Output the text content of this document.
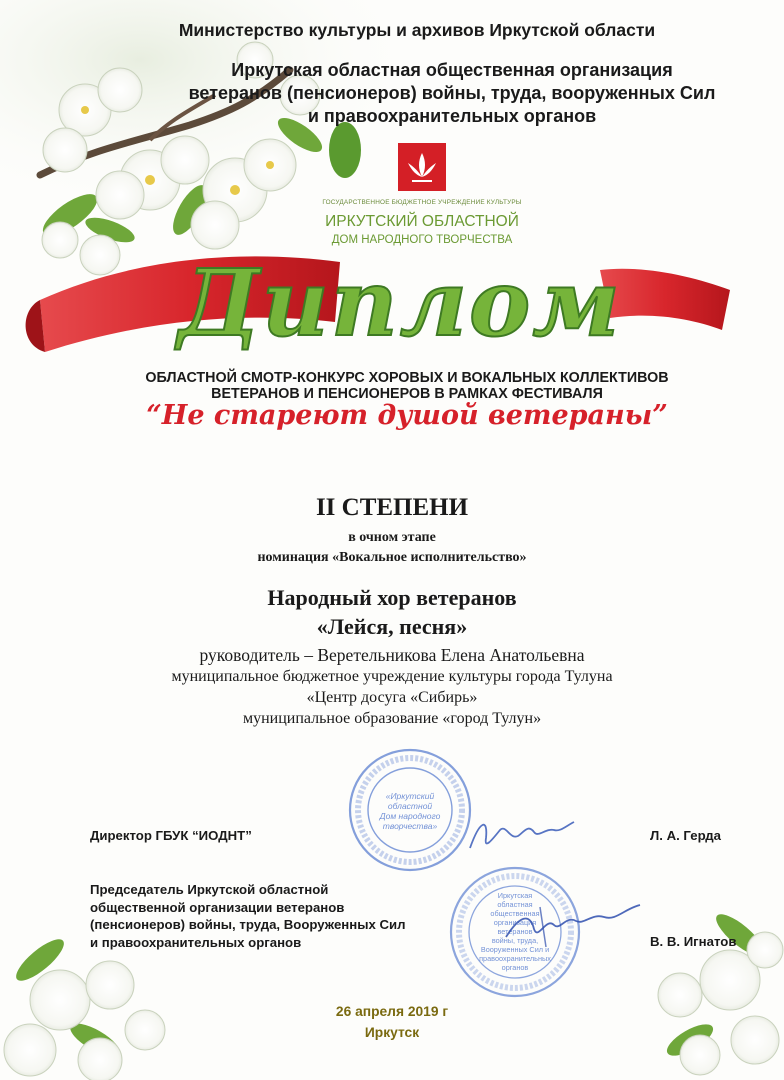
Министерство культуры и архивов Иркутской области
Иркутская областная общественная организация
ветеранов (пенсионеров) войны, труда, вооруженных Сил
и правоохранительных органов
ГОСУДАРСТВЕННОЕ БЮДЖЕТНОЕ УЧРЕЖДЕНИЕ КУЛЬТУРЫ
ИРКУТСКИЙ ОБЛАСТНОЙ
ДОМ НАРОДНОГО ТВОРЧЕСТВА
Диплом
ОБЛАСТНОЙ СМОТР-КОНКУРС ХОРОВЫХ И ВОКАЛЬНЫХ КОЛЛЕКТИВОВ
ВЕТЕРАНОВ И ПЕНСИОНЕРОВ В РАМКАХ ФЕСТИВАЛЯ
“Не стареют душой ветераны”
II СТЕПЕНИ
в очном этапе
номинация «Вокальное исполнительство»
Народный хор ветеранов
«Лейся, песня»
руководитель – Веретельникова Елена Анатольевна
муниципальное бюджетное учреждение культуры города Тулуна
«Центр досуга «Сибирь»
муниципальное образование «город Тулун»
«Иркутский
областной
Дом народного
творчества»
Директор ГБУК “ИОДНТ”	Л. А. Герда
Иркутская
областная
общественная
организация
ветеранов
войны, труда,
Вооруженных Сил и
правоохранительных
органов
Председатель Иркутской областной
общественной организации ветеранов
(пенсионеров) войны, труда, Вооруженных Сил
и правоохранительных органов	В. В. Игнатов
26 апреля 2019 г
Иркутск
